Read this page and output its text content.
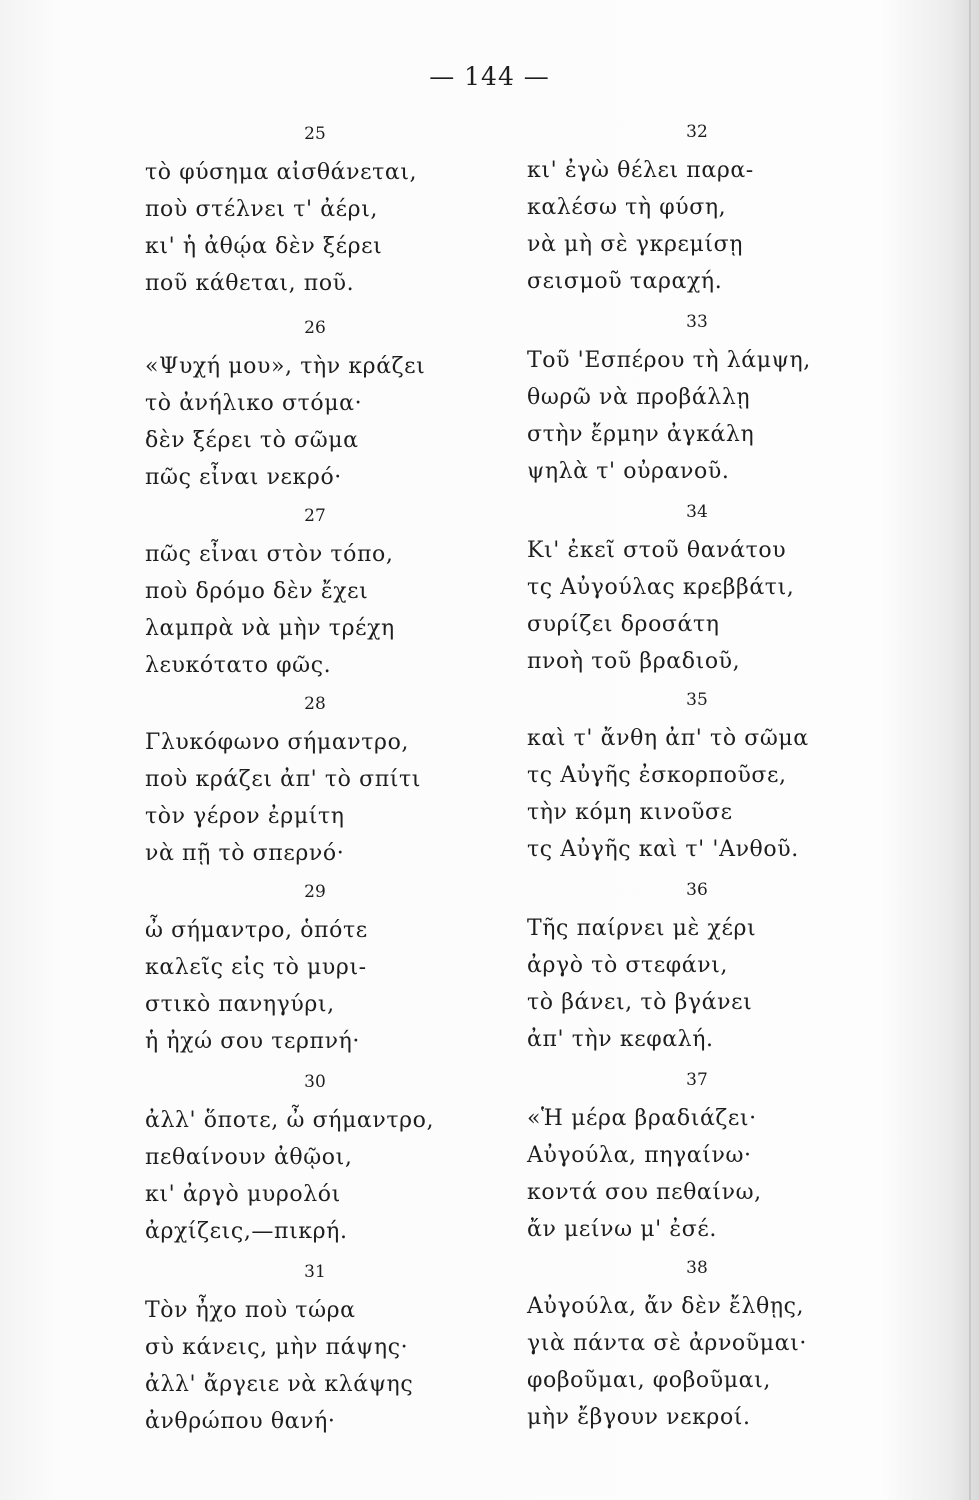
— 144 —
25
τὸ φύσημα αἰσθάνεται,
ποὺ στέλνει τ' ἀέρι,
κι' ἡ ἀθῴα δὲν ξέρει
ποῦ κάθεται, ποῦ.
26
«Ψυχή μου», τὴν κράζει
τὸ ἀνήλικο στόμα·
δὲν ξέρει τὸ σῶμα
πῶς εἶναι νεκρό·
27
πῶς εἶναι στὸν τόπο,
ποὺ δρόμο δὲν ἔχει
λαμπρὰ νὰ μὴν τρέχη
λευκότατο φῶς.
28
Γλυκόφωνο σήμαντρο,
ποὺ κράζει ἀπ' τὸ σπίτι
τὸν γέρον ἐρμίτη
νὰ πῇ τὸ σπερνό·
29
ὦ σήμαντρο, ὁπότε
καλεῖς εἰς τὸ μυρι-
στικὸ πανηγύρι,
ἡ ἠχώ σου τερπνή·
30
ἀλλ' ὅποτε, ὦ σήμαντρο,
πεθαίνουν ἀθῷοι,
κι' ἀργὸ μυρολόι
ἀρχίζεις,—πικρή.
31
Τὸν ἦχο ποὺ τώρα
σὺ κάνεις, μὴν πάψης·
ἀλλ' ἄργειε νὰ κλάψης
ἀνθρώπου θανή·
32
κι' ἐγὼ θέλει παρα-
καλέσω τὴ φύση,
νὰ μὴ σὲ γκρεμίσῃ
σεισμοῦ ταραχή.
33
Τοῦ 'Εσπέρου τὴ λάμψη,
θωρῶ νὰ προβάλλῃ
στὴν ἔρμην ἀγκάλη
ψηλὰ τ' οὐρανοῦ.
34
Κι' ἐκεῖ στοῦ θανάτου
τς Αὐγούλας κρεββάτι,
συρίζει δροσάτη
πνοὴ τοῦ βραδιοῦ,
35
καὶ τ' ἄνθη ἀπ' τὸ σῶμα
τς Αὐγῆς ἐσκορποῦσε,
τὴν κόμη κινοῦσε
τς Αὐγῆς καὶ τ' 'Ανθοῦ.
36
Τῆς παίρνει μὲ χέρι
ἀργὸ τὸ στεφάνι,
τὸ βάνει, τὸ βγάνει
ἀπ' τὴν κεφαλή.
37
«Ἡ μέρα βραδιάζει·
Αὐγούλα, πηγαίνω·
κοντά σου πεθαίνω,
ἄν μείνω μ' ἐσέ.
38
Αὐγούλα, ἄν δὲν ἔλθῃς,
γιὰ πάντα σὲ ἀρνοῦμαι·
φοβοῦμαι, φοβοῦμαι,
μὴν ἔβγουν νεκροί.
